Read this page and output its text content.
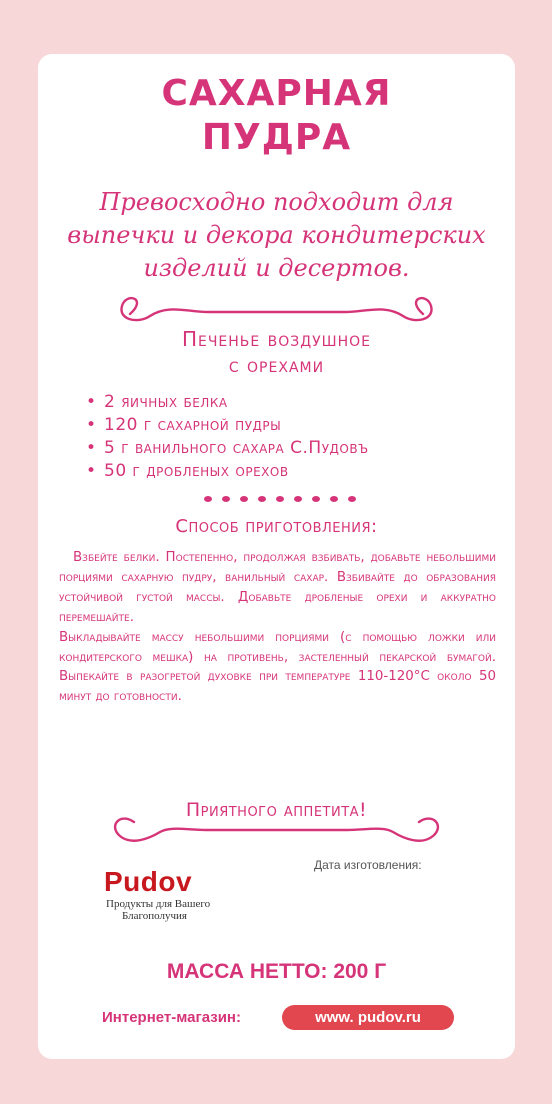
САХАРНАЯ
ПУДРА
Превосходно подходит для выпечки и декора кондитерских изделий и десертов.
Печенье воздушное
с орехами
• 2 яичных белка
• 120 г сахарной пудры
• 5 г ванильного сахара С.Пудовъ
• 50 г дробленых орехов
Способ приготовления:

Взбейте белки. Постепенно, продолжая взбивать, добавьте небольшими порциями сахарную пудру, ванильный сахар. Взбивайте до образования устойчивой густой массы. Добавьте дробленые орехи и аккуратно перемешайте.

Выкладывайте массу небольшими порциями (с помощью ложки или кондитерского мешка) на противень, застеленный пекарской бумагой. Выпекайте в разогретой духовке при температуре 110-120°С около 50 минут до готовности.

Приятного аппетита!
Дата изготовления:
Pudov
Продукты для Вашего
Благополучия
МАССА НЕТТО: 200 Г
Интернет-магазин:	www. pudov.ru
